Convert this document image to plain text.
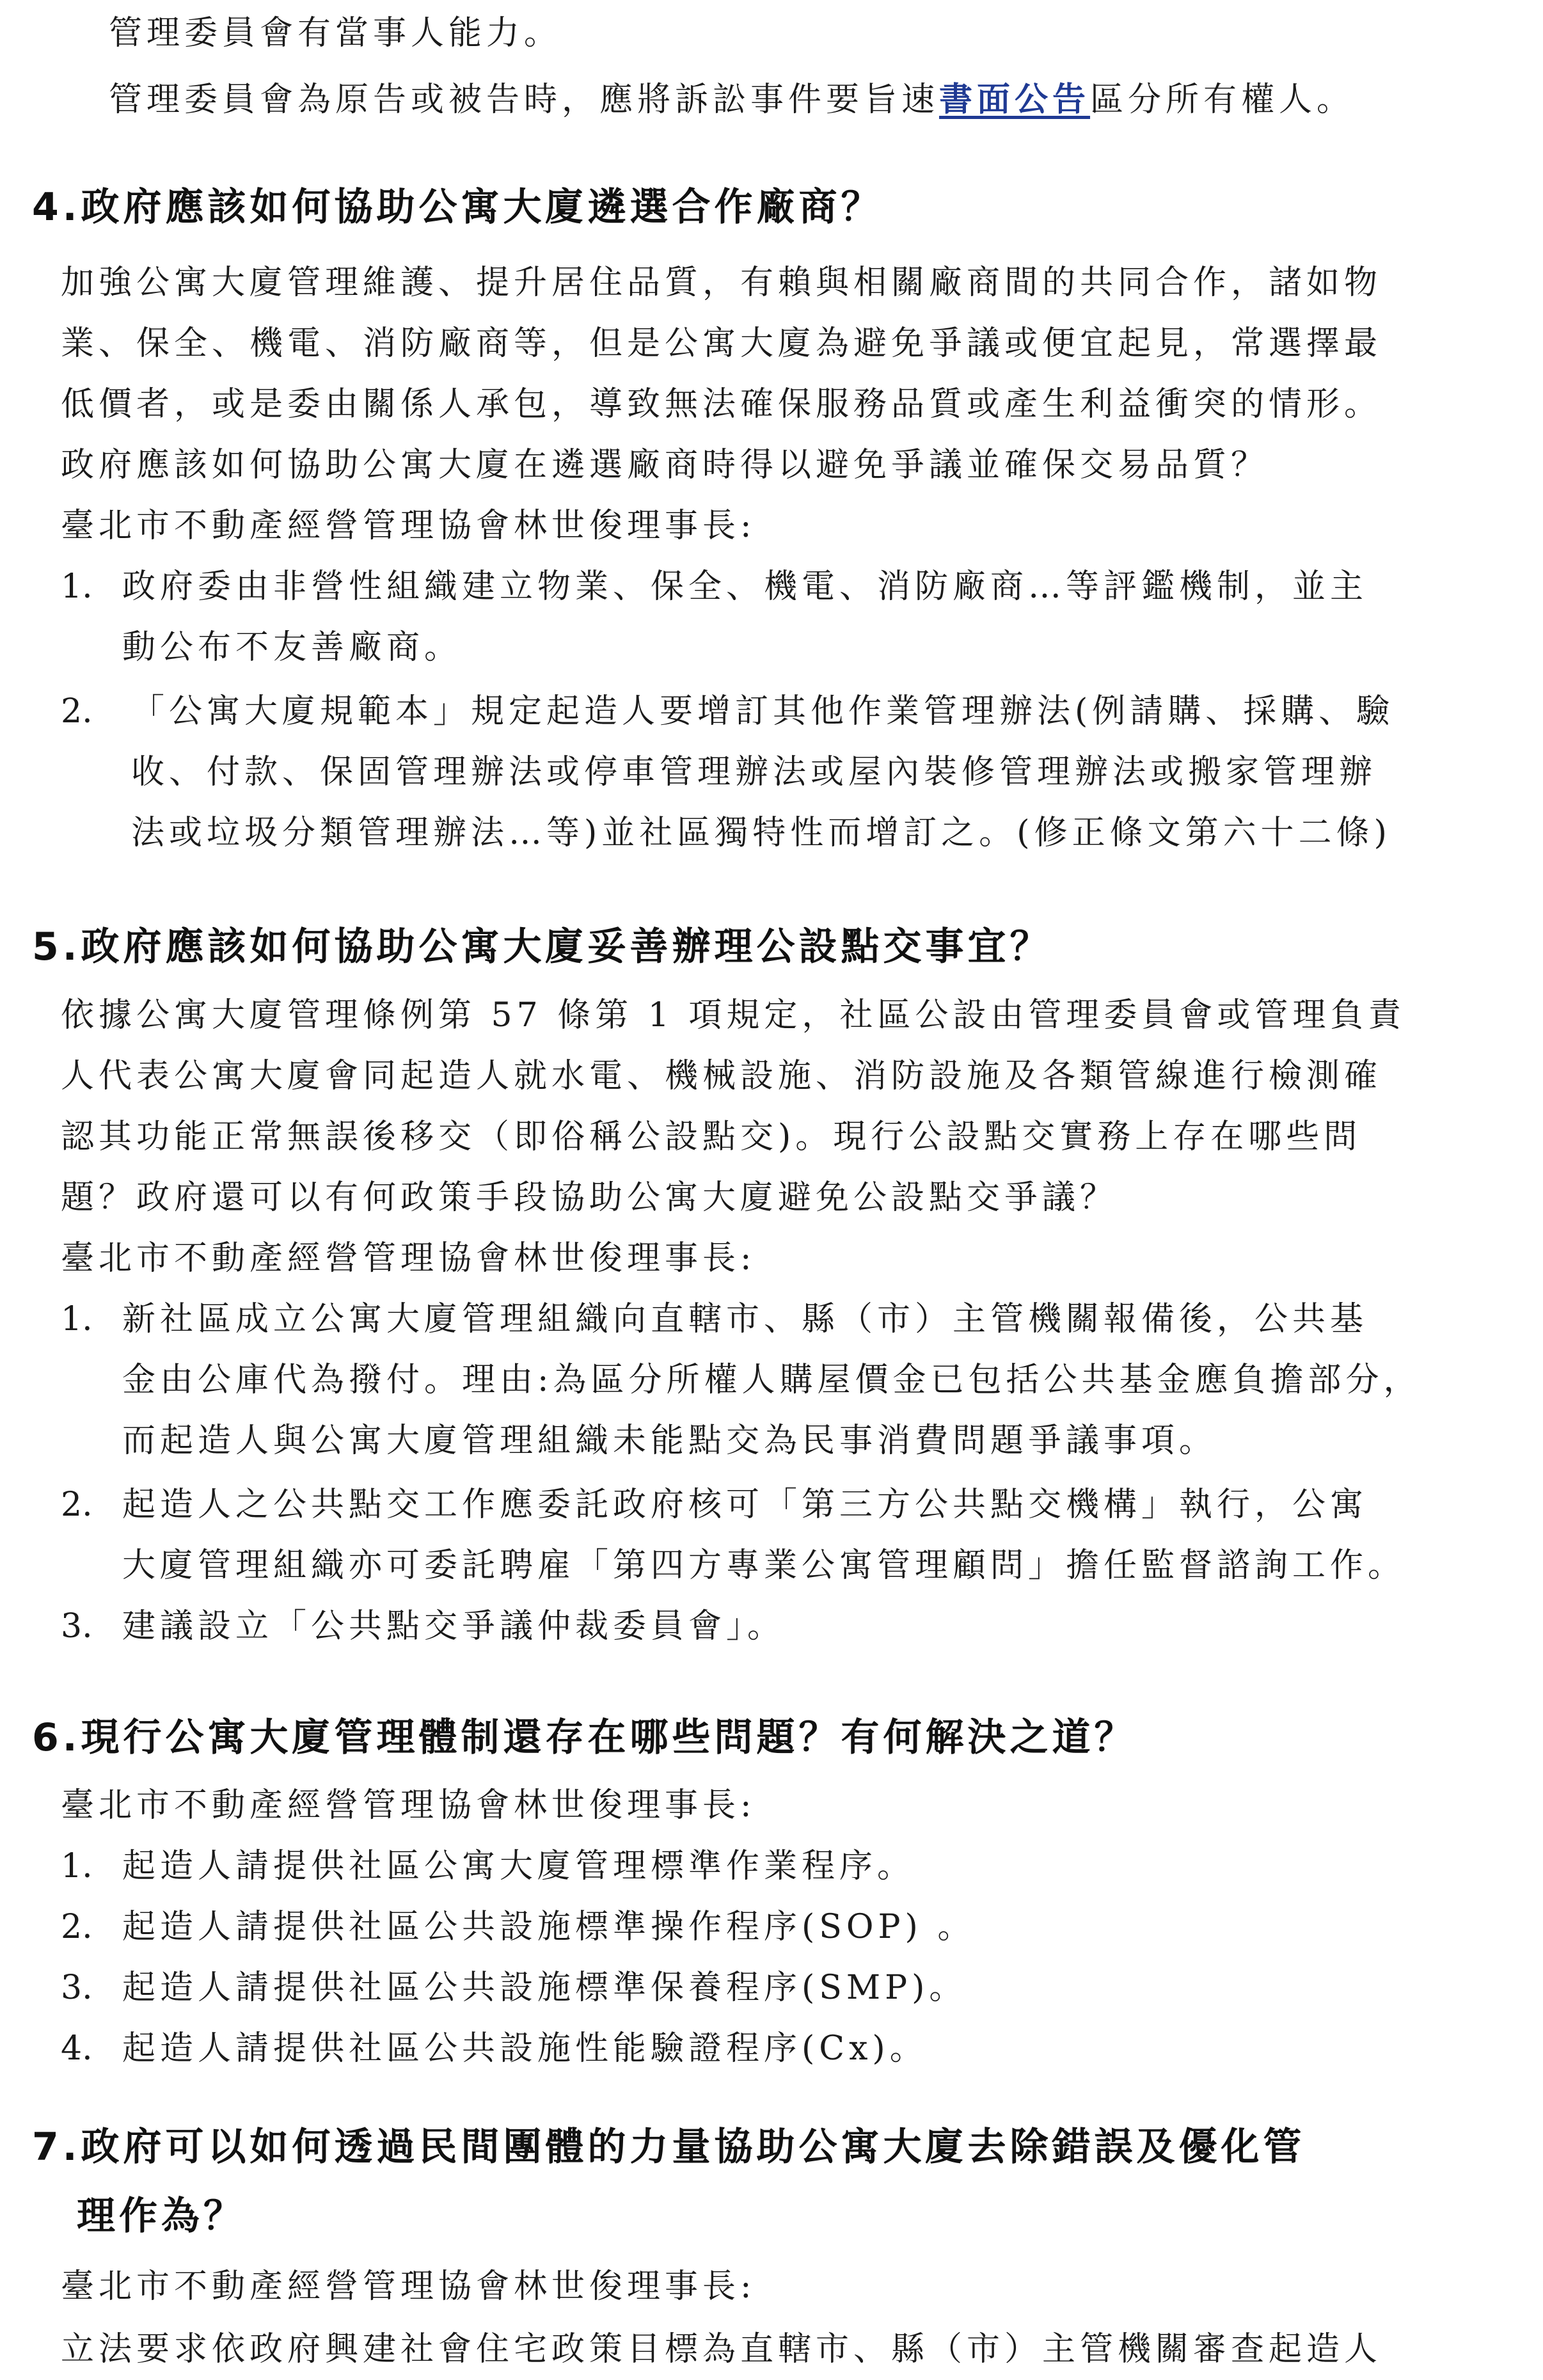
管理委員會有當事人能力。
管理委員會為原告或被告時，應將訴訟事件要旨速書面公告區分所有權人。
4.政府應該如何協助公寓大廈遴選合作廠商？
加強公寓大廈管理維護、提升居住品質，有賴與相關廠商間的共同合作，諸如物
業、保全、機電、消防廠商等，但是公寓大廈為避免爭議或便宜起見，常選擇最
低價者，或是委由關係人承包，導致無法確保服務品質或產生利益衝突的情形。
政府應該如何協助公寓大廈在遴選廠商時得以避免爭議並確保交易品質？
臺北市不動產經營管理協會林世俊理事長:
1. 政府委由非營性組織建立物業、保全、機電、消防廠商…等評鑑機制，並主
動公布不友善廠商。
2. 「公寓大廈規範本」規定起造人要增訂其他作業管理辦法(例請購、採購、驗
收、付款、保固管理辦法或停車管理辦法或屋內裝修管理辦法或搬家管理辦
法或垃圾分類管理辦法…等)並社區獨特性而增訂之。(修正條文第六十二條)
5.政府應該如何協助公寓大廈妥善辦理公設點交事宜？
依據公寓大廈管理條例第 57 條第 1 項規定，社區公設由管理委員會或管理負責
人代表公寓大廈會同起造人就水電、機械設施、消防設施及各類管線進行檢測確
認其功能正常無誤後移交（即俗稱公設點交)。現行公設點交實務上存在哪些問
題？政府還可以有何政策手段協助公寓大廈避免公設點交爭議？
臺北市不動產經營管理協會林世俊理事長:
1. 新社區成立公寓大廈管理組織向直轄市、縣（市）主管機關報備後，公共基
金由公庫代為撥付。理由:為區分所權人購屋價金已包括公共基金應負擔部分，
而起造人與公寓大廈管理組織未能點交為民事消費問題爭議事項。
2. 起造人之公共點交工作應委託政府核可「第三方公共點交機構」執行，公寓
大廈管理組織亦可委託聘雇「第四方專業公寓管理顧問」擔任監督諮詢工作。
3. 建議設立「公共點交爭議仲裁委員會」。
6.現行公寓大廈管理體制還存在哪些問題？有何解決之道？
臺北市不動產經營管理協會林世俊理事長:
1. 起造人請提供社區公寓大廈管理標準作業程序。
2. 起造人請提供社區公共設施標準操作程序(SOP) 。
3. 起造人請提供社區公共設施標準保養程序(SMP)。
4. 起造人請提供社區公共設施性能驗證程序(Cx)。
7.政府可以如何透過民間團體的力量協助公寓大廈去除錯誤及優化管
理作為？
臺北市不動產經營管理協會林世俊理事長:
立法要求依政府興建社會住宅政策目標為直轄市、縣（市）主管機關審查起造人
